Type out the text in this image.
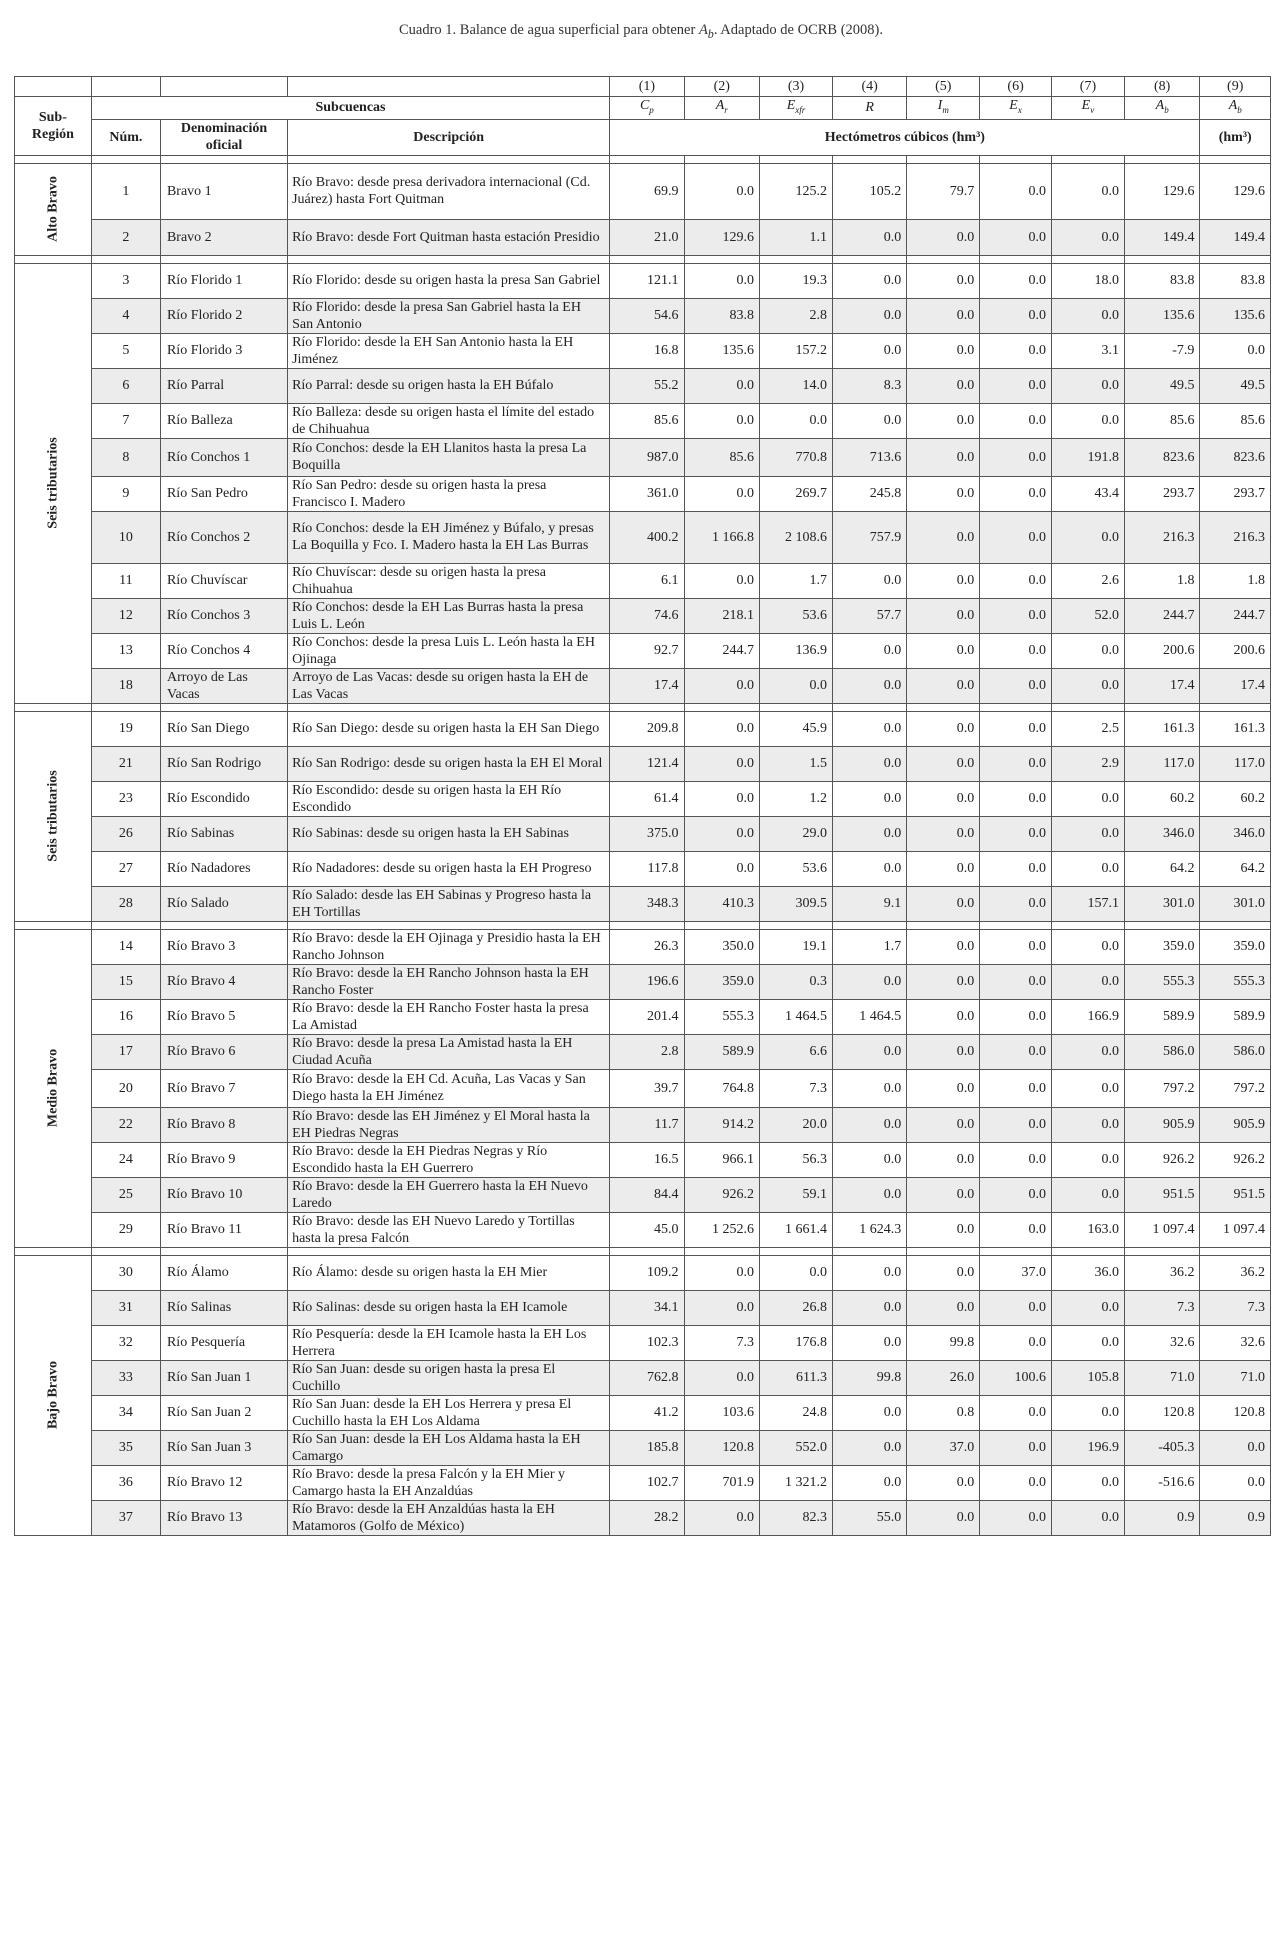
Cuadro 1. Balance de agua superficial para obtener $A_b$. Adaptado de OCRB (2008).
				(1)	(2)	(3)	(4)	(5)	(6)	(7)	(8)	(9)
Sub-Región	Subcuencas			$C_p$	$A_r$	$E_{xfr}$	R	$I_m$	$E_x$	$E_v$	$A_b$	$A_b$
	Núm.	Denominación oficial	Descripción	Hectómetros cúbicos (hm³)								(hm³)

Alto Bravo	1	Bravo 1	Río Bravo: desde presa derivadora internacional (Cd. Juárez) hasta Fort Quitman	69.9	0.0	125.2	105.2	79.7	0.0	0.0	129.6	129.6
	2	Bravo 2	Río Bravo: desde Fort Quitman hasta estación Presidio	21.0	129.6	1.1	0.0	0.0	0.0	0.0	149.4	149.4

Seis tributarios	3	Río Florido 1	Río Florido: desde su origen hasta la presa San Gabriel	121.1	0.0	19.3	0.0	0.0	0.0	18.0	83.8	83.8
	4	Río Florido 2	Río Florido: desde la presa San Gabriel hasta la EH San Antonio	54.6	83.8	2.8	0.0	0.0	0.0	0.0	135.6	135.6
	5	Río Florido 3	Río Florido: desde la EH San Antonio hasta la EH Jiménez	16.8	135.6	157.2	0.0	0.0	0.0	3.1	-7.9	0.0
	6	Río Parral	Río Parral: desde su origen hasta la EH Búfalo	55.2	0.0	14.0	8.3	0.0	0.0	0.0	49.5	49.5
	7	Río Balleza	Río Balleza: desde su origen hasta el límite del estado de Chihuahua	85.6	0.0	0.0	0.0	0.0	0.0	0.0	85.6	85.6
	8	Río Conchos 1	Río Conchos: desde la EH Llanitos hasta la presa La Boquilla	987.0	85.6	770.8	713.6	0.0	0.0	191.8	823.6	823.6
	9	Río San Pedro	Río San Pedro: desde su origen hasta la presa Francisco I. Madero	361.0	0.0	269.7	245.8	0.0	0.0	43.4	293.7	293.7
	10	Río Conchos 2	Río Conchos: desde la EH Jiménez y Búfalo, y presas La Boquilla y Fco. I. Madero hasta la EH Las Burras	400.2	1 166.8	2 108.6	757.9	0.0	0.0	0.0	216.3	216.3
	11	Río Chuvíscar	Río Chuvíscar: desde su origen hasta la presa Chihuahua	6.1	0.0	1.7	0.0	0.0	0.0	2.6	1.8	1.8
	12	Río Conchos 3	Río Conchos: desde la EH Las Burras hasta la presa Luis L. León	74.6	218.1	53.6	57.7	0.0	0.0	52.0	244.7	244.7
	13	Río Conchos 4	Río Conchos: desde la presa Luis L. León hasta la EH Ojinaga	92.7	244.7	136.9	0.0	0.0	0.0	0.0	200.6	200.6
	18	Arroyo de Las Vacas	Arroyo de Las Vacas: desde su origen hasta la EH de Las Vacas	17.4	0.0	0.0	0.0	0.0	0.0	0.0	17.4	17.4

Seis tributarios	19	Río San Diego	Río San Diego: desde su origen hasta la EH San Diego	209.8	0.0	45.9	0.0	0.0	0.0	2.5	161.3	161.3
	21	Río San Rodrigo	Río San Rodrigo: desde su origen hasta la EH El Moral	121.4	0.0	1.5	0.0	0.0	0.0	2.9	117.0	117.0
	23	Río Escondido	Río Escondido: desde su origen hasta la EH Río Escondido	61.4	0.0	1.2	0.0	0.0	0.0	0.0	60.2	60.2
	26	Río Sabinas	Río Sabinas: desde su origen hasta la EH Sabinas	375.0	0.0	29.0	0.0	0.0	0.0	0.0	346.0	346.0
	27	Río Nadadores	Río Nadadores: desde su origen hasta la EH Progreso	117.8	0.0	53.6	0.0	0.0	0.0	0.0	64.2	64.2
	28	Río Salado	Río Salado: desde las EH Sabinas y Progreso hasta la EH Tortillas	348.3	410.3	309.5	9.1	0.0	0.0	157.1	301.0	301.0

Medio Bravo	14	Río Bravo 3	Río Bravo: desde la EH Ojinaga y Presidio hasta la EH Rancho Johnson	26.3	350.0	19.1	1.7	0.0	0.0	0.0	359.0	359.0
	15	Río Bravo 4	Río Bravo: desde la EH Rancho Johnson hasta la EH Rancho Foster	196.6	359.0	0.3	0.0	0.0	0.0	0.0	555.3	555.3
	16	Río Bravo 5	Río Bravo: desde la EH Rancho Foster hasta la presa La Amistad	201.4	555.3	1 464.5	1 464.5	0.0	0.0	166.9	589.9	589.9
	17	Río Bravo 6	Río Bravo: desde la presa La Amistad hasta la EH Ciudad Acuña	2.8	589.9	6.6	0.0	0.0	0.0	0.0	586.0	586.0
	20	Río Bravo 7	Río Bravo: desde la EH Cd. Acuña, Las Vacas y San Diego hasta la EH Jiménez	39.7	764.8	7.3	0.0	0.0	0.0	0.0	797.2	797.2
	22	Río Bravo 8	Río Bravo: desde las EH Jiménez y El Moral hasta la EH Piedras Negras	11.7	914.2	20.0	0.0	0.0	0.0	0.0	905.9	905.9
	24	Río Bravo 9	Río Bravo: desde la EH Piedras Negras y Río Escondido hasta la EH Guerrero	16.5	966.1	56.3	0.0	0.0	0.0	0.0	926.2	926.2
	25	Río Bravo 10	Río Bravo: desde la EH Guerrero hasta la EH Nuevo Laredo	84.4	926.2	59.1	0.0	0.0	0.0	0.0	951.5	951.5
	29	Río Bravo 11	Río Bravo: desde las EH Nuevo Laredo y Tortillas hasta la presa Falcón	45.0	1 252.6	1 661.4	1 624.3	0.0	0.0	163.0	1 097.4	1 097.4

Bajo Bravo	30	Río Álamo	Río Álamo: desde su origen hasta la EH Mier	109.2	0.0	0.0	0.0	0.0	37.0	36.0	36.2	36.2
	31	Río Salinas	Río Salinas: desde su origen hasta la EH Icamole	34.1	0.0	26.8	0.0	0.0	0.0	0.0	7.3	7.3
	32	Río Pesquería	Río Pesquería: desde la EH Icamole hasta la EH Los Herrera	102.3	7.3	176.8	0.0	99.8	0.0	0.0	32.6	32.6
	33	Río San Juan 1	Río San Juan: desde su origen hasta la presa El Cuchillo	762.8	0.0	611.3	99.8	26.0	100.6	105.8	71.0	71.0
	34	Río San Juan 2	Río San Juan: desde la EH Los Herrera y presa El Cuchillo hasta la EH Los Aldama	41.2	103.6	24.8	0.0	0.8	0.0	0.0	120.8	120.8
	35	Río San Juan 3	Río San Juan: desde la EH Los Aldama hasta la EH Camargo	185.8	120.8	552.0	0.0	37.0	0.0	196.9	-405.3	0.0
	36	Río Bravo 12	Río Bravo: desde la presa Falcón y la EH Mier y Camargo hasta la EH Anzaldúas	102.7	701.9	1 321.2	0.0	0.0	0.0	0.0	-516.6	0.0
	37	Río Bravo 13	Río Bravo: desde la EH Anzaldúas hasta la EH Matamoros (Golfo de México)	28.2	0.0	82.3	55.0	0.0	0.0	0.0	0.9	0.9
